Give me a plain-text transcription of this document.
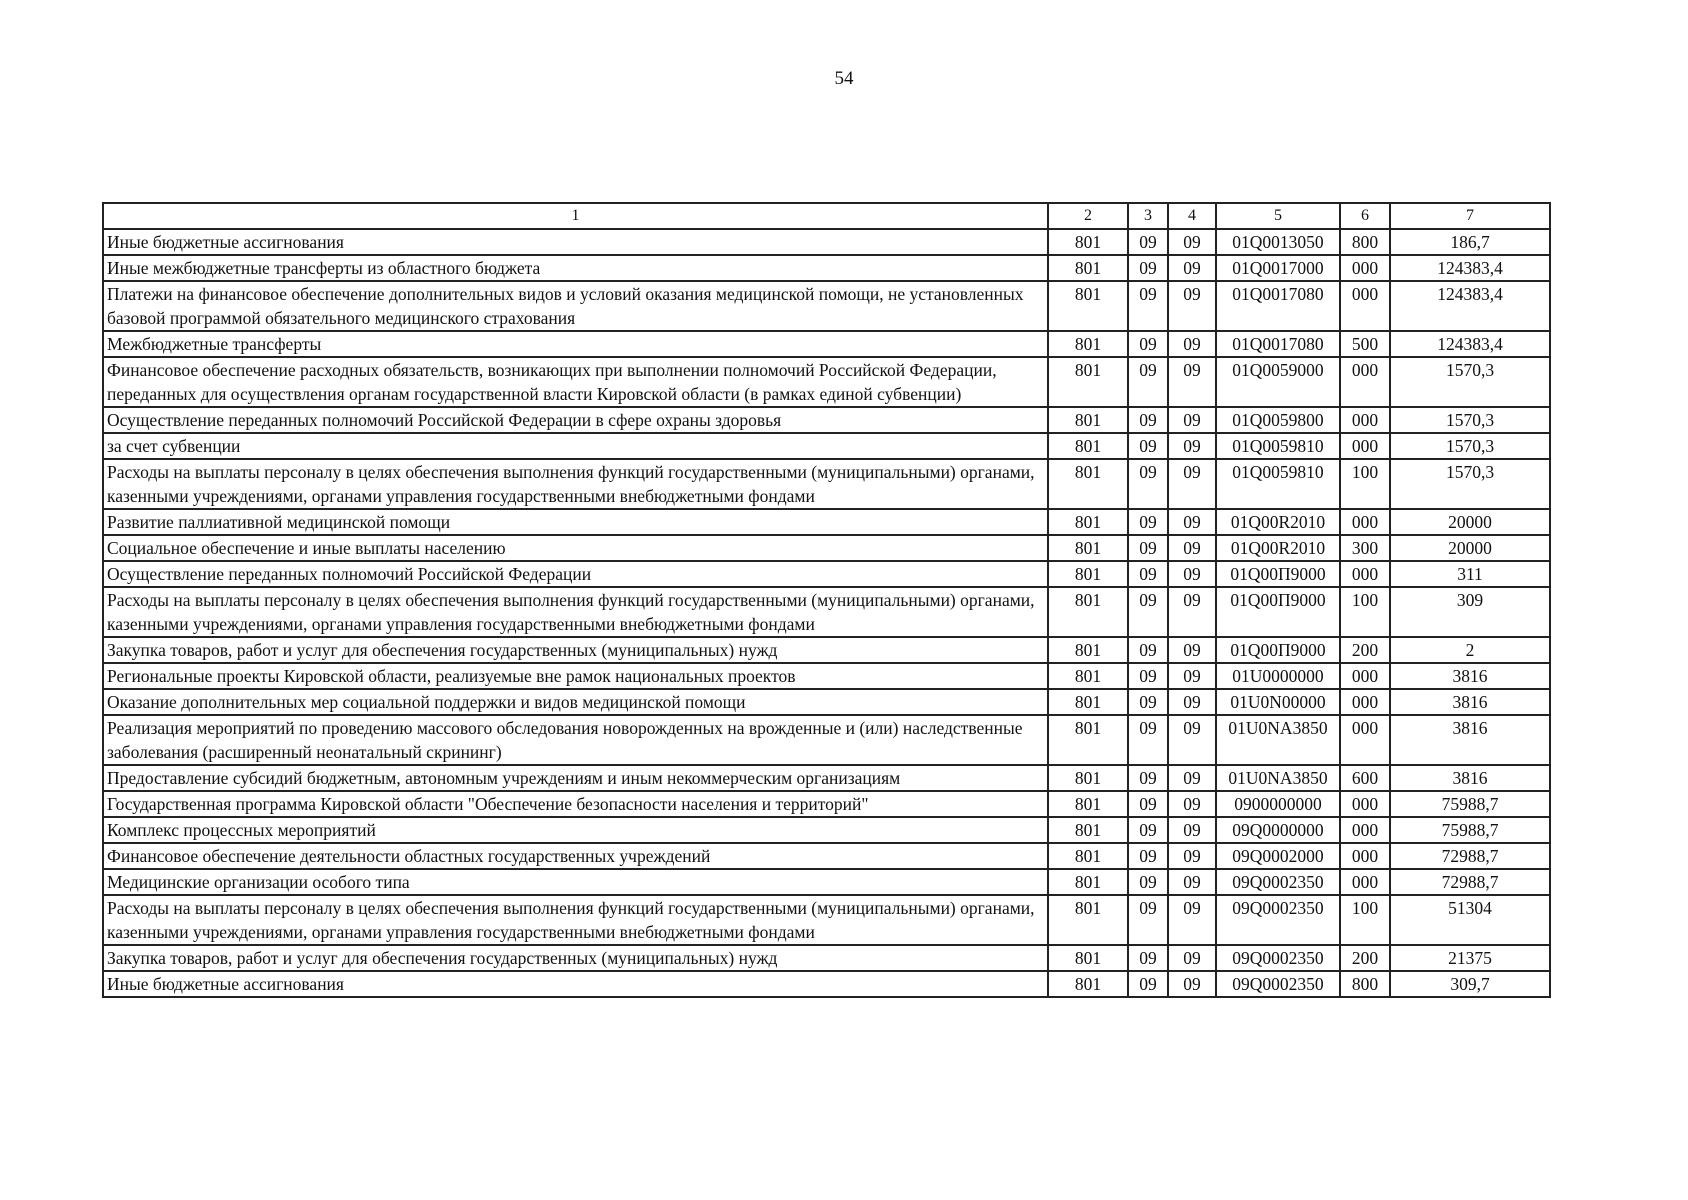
54
1	2	3	4	5	6	7
Иные бюджетные ассигнования	801	09	09	01Q0013050	800	186,7
Иные межбюджетные трансферты из областного бюджета	801	09	09	01Q0017000	000	124383,4
Платежи на финансовое обеспечение дополнительных видов и условий оказания медицинской помощи, не установленных базовой программой обязательного медицинского страхования	801	09	09	01Q0017080	000	124383,4
Межбюджетные трансферты	801	09	09	01Q0017080	500	124383,4
Финансовое обеспечение расходных обязательств, возникающих при выполнении полномочий Российской Федерации, переданных для осуществления органам государственной власти Кировской области (в рамках единой субвенции)	801	09	09	01Q0059000	000	1570,3
Осуществление переданных полномочий Российской Федерации в сфере охраны здоровья	801	09	09	01Q0059800	000	1570,3
за счет субвенции	801	09	09	01Q0059810	000	1570,3
Расходы на выплаты персоналу в целях обеспечения выполнения функций государственными (муниципальными) органами, казенными учреждениями, органами управления государственными внебюджетными фондами	801	09	09	01Q0059810	100	1570,3
Развитие паллиативной медицинской помощи	801	09	09	01Q00R2010	000	20000
Социальное обеспечение и иные выплаты населению	801	09	09	01Q00R2010	300	20000
Осуществление переданных полномочий Российской Федерации	801	09	09	01Q00П9000	000	311
Расходы на выплаты персоналу в целях обеспечения выполнения функций государственными (муниципальными) органами, казенными учреждениями, органами управления государственными внебюджетными фондами	801	09	09	01Q00П9000	100	309
Закупка товаров, работ и услуг для обеспечения государственных (муниципальных) нужд	801	09	09	01Q00П9000	200	2
Региональные проекты Кировской области, реализуемые вне рамок национальных проектов	801	09	09	01U0000000	000	3816
Оказание дополнительных мер социальной поддержки и видов медицинской помощи	801	09	09	01U0N00000	000	3816
Реализация мероприятий по проведению массового обследования новорожденных на врожденные и (или) наследственные заболевания (расширенный неонатальный скрининг)	801	09	09	01U0NA3850	000	3816
Предоставление субсидий бюджетным, автономным учреждениям и иным некоммерческим организациям	801	09	09	01U0NA3850	600	3816
Государственная программа Кировской области "Обеспечение безопасности населения и территорий"	801	09	09	0900000000	000	75988,7
Комплекс процессных мероприятий	801	09	09	09Q0000000	000	75988,7
Финансовое обеспечение деятельности областных государственных учреждений	801	09	09	09Q0002000	000	72988,7
Медицинские организации особого типа	801	09	09	09Q0002350	000	72988,7
Расходы на выплаты персоналу в целях обеспечения выполнения функций государственными (муниципальными) органами, казенными учреждениями, органами управления государственными внебюджетными фондами	801	09	09	09Q0002350	100	51304
Закупка товаров, работ и услуг для обеспечения государственных (муниципальных) нужд	801	09	09	09Q0002350	200	21375
Иные бюджетные ассигнования	801	09	09	09Q0002350	800	309,7
